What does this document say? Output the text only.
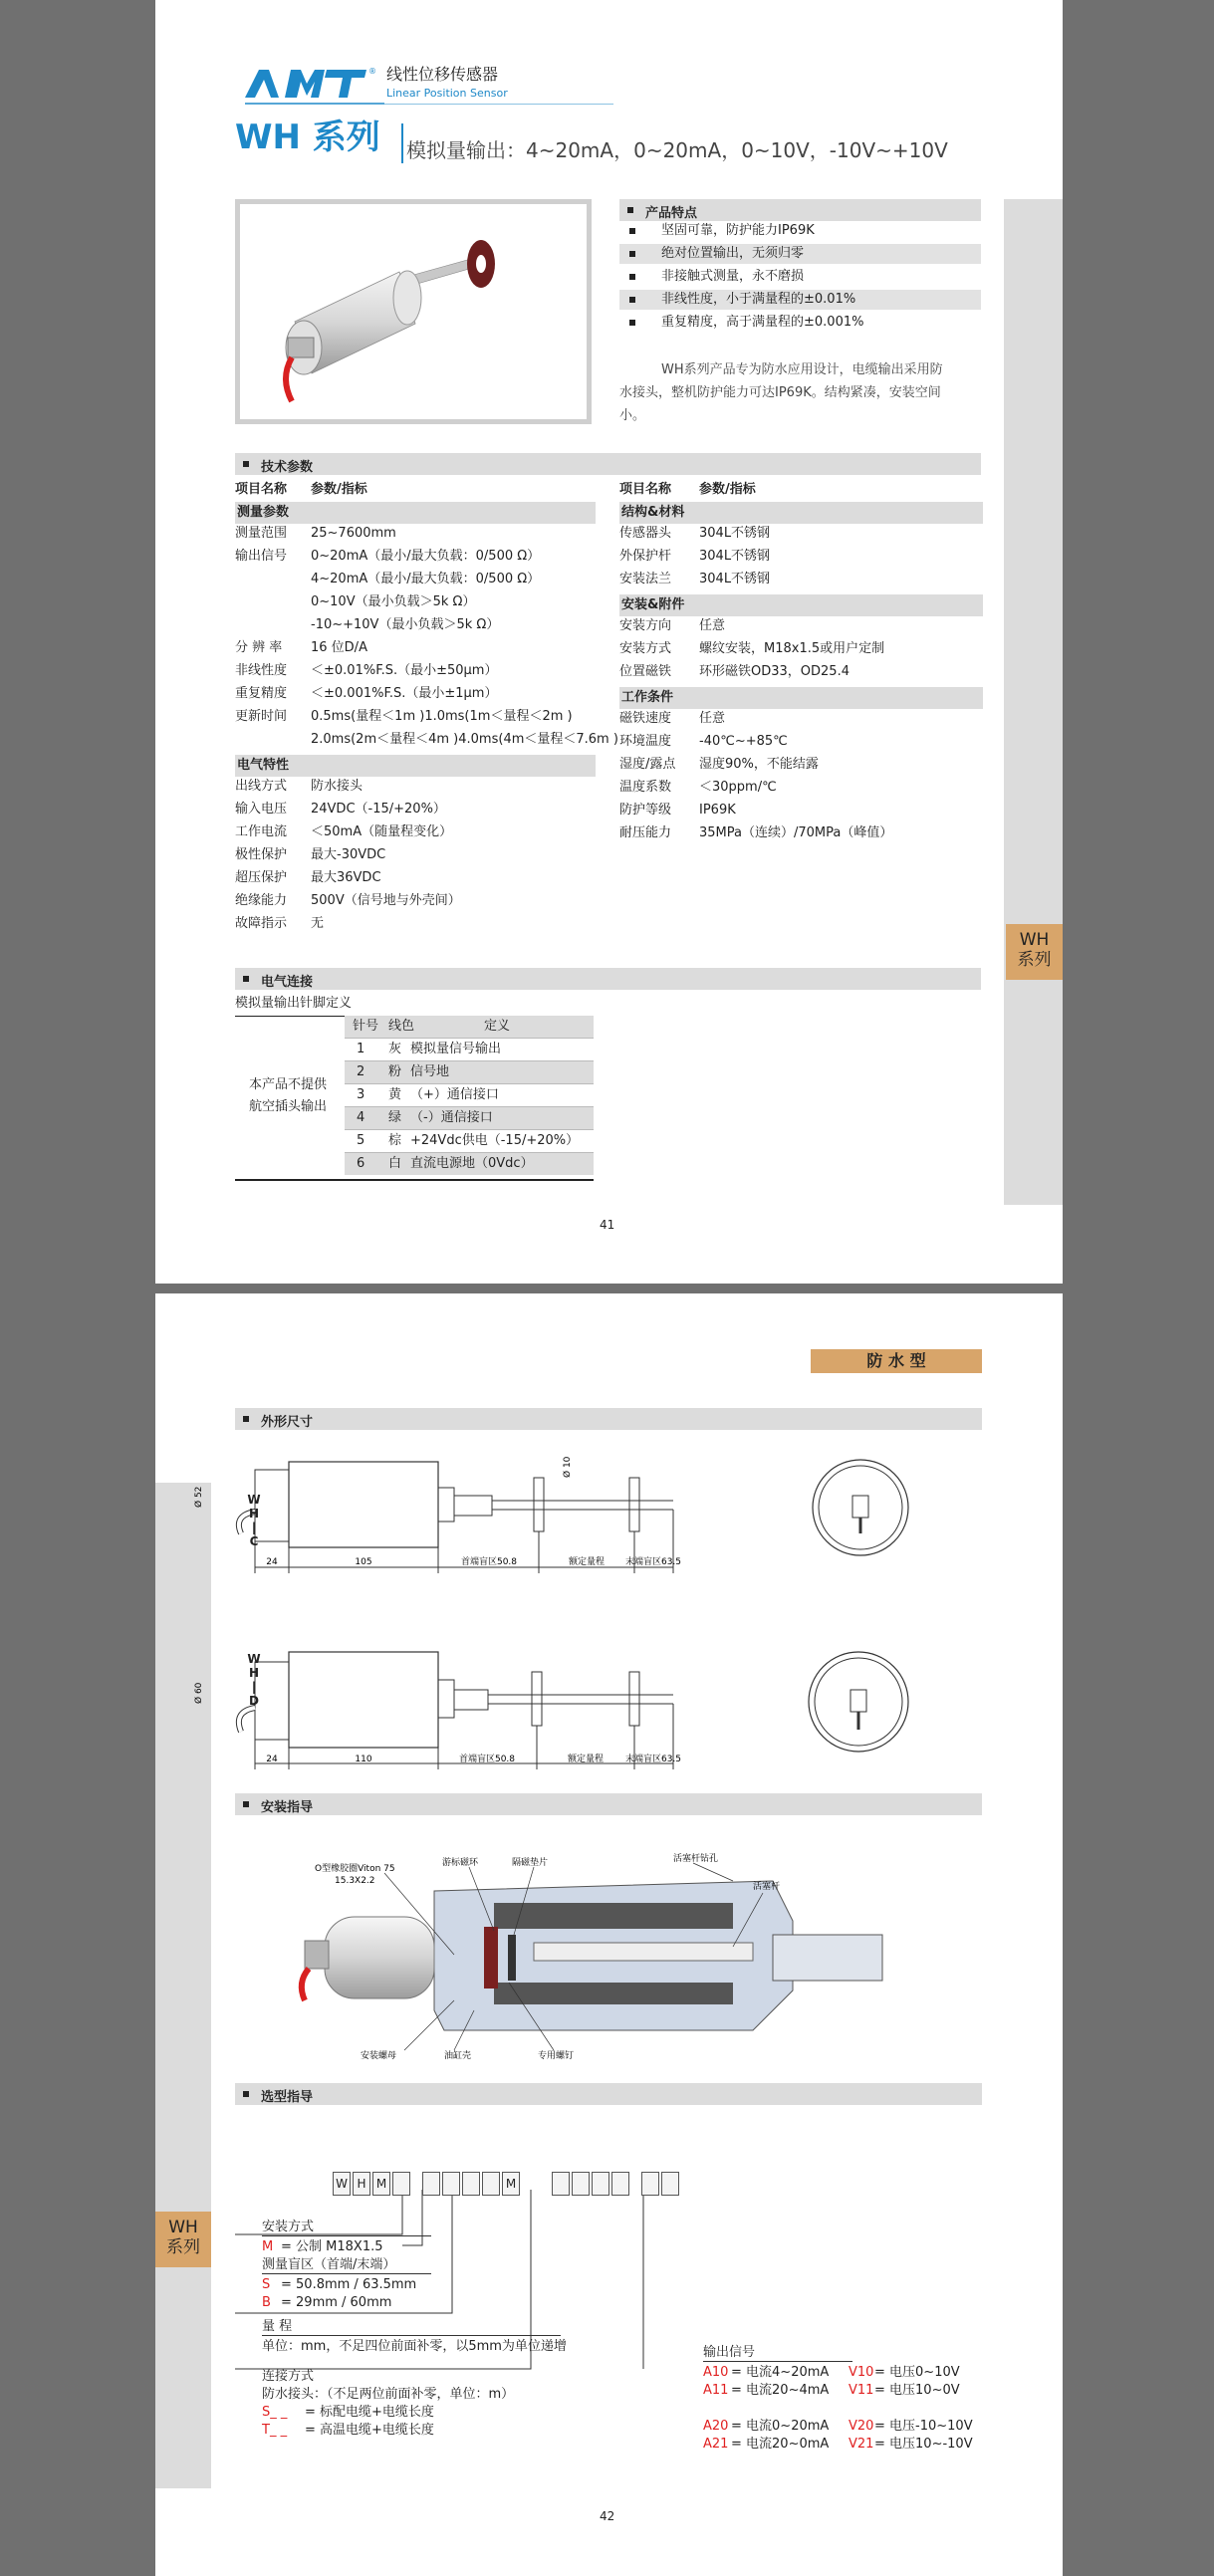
® 线性位移传感器
Linear Position Sensor
WH 系列 模拟量输出：4~20mA，0~20mA，0~10V，-10V~+10V
产品特点
坚固可靠，防护能力IP69K
绝对位置输出，无须归零
非接触式测量，永不磨损
非线性度，小于满量程的±0.01%
重复精度，高于满量程的±0.001%
WH系列产品专为防水应用设计，电缆输出采用防
水接头，整机防护能力可达IP69K。结构紧凑，安装空间
小。
WH
系列
技术参数
项目名称 参数/指标	项目名称 参数/指标
电气连接
模拟量输出针脚定义
本产品不提供
航空插头输出
针号 线色	定义
41
测量参数
测量范围 25~7600mm
输出信号 0~20mA（最小/最大负载：0/500 Ω）
4~20mA（最小/最大负载：0/500 Ω）
0~10V（最小负载＞5k Ω）
-10~+10V（最小负载＞5k Ω）
分 辨 率 16 位D/A
非线性度 ＜±0.01%F.S.（最小±50μm）
重复精度 ＜±0.001%F.S.（最小±1μm）
更新时间 0.5ms(量程＜1m )1.0ms(1m＜量程＜2m )
2.0ms(2m＜量程＜4m )4.0ms(4m＜量程＜7.6m )
电气特性
出线方式 防水接头
输入电压 24VDC（-15/+20%）
工作电流 ＜50mA（随量程变化）
极性保护 最大-30VDC
超压保护 最大36VDC
绝缘能力 500V（信号地与外壳间）
故障指示 无
结构&材料
传感器头 304L不锈钢
外保护杆 304L不锈钢
安装法兰 304L不锈钢
安装&附件
安装方向 任意
安装方式 螺纹安装，M18x1.5或用户定制
位置磁铁 环形磁铁OD33，OD25.4
工作条件
磁铁速度 任意
环境温度 -40℃~+85℃
湿度/露点 湿度90%，不能结露
温度系数 ＜30ppm/℃
防护等级 IP69K
耐压能力 35MPa（连续）/70MPa（峰值）
1 灰 模拟量信号输出
2 粉 信号地
3 黄 （+）通信接口
4 绿 （-）通信接口
5 棕 +24Vdc供电（-15/+20%）
6 白 直流电源地（0Vdc）
防 水 型
WH
系列
外形尺寸
24	105	首端盲区50.8	额定量程 末端盲区63.5
Ø 52
Ø 10
W
H
|
C
24	110	首端盲区50.8	额定量程 末端盲区63.5
Ø 60
W
H
|
D
安装指导
O型橡胶圈Viton 75
15.3X2.2
游标磁环	隔磁垫片	活塞杆钻孔
活塞杆
安装螺母	油缸壳	专用螺钉
选型指导
安装方式
M = 公制 M18X1.5
测量盲区（首端/末端）
S = 50.8mm / 63.5mm
B = 29mm / 60mm
量 程
单位：mm，不足四位前面补零，以5mm为单位递增
连接方式
防水接头：（不足两位前面补零，单位：m）
S_ _ = 标配电缆+电缆长度
T_ _ = 高温电缆+电缆长度
输出信号
42
W H M	M
A10 = 电流4~20mA V10 = 电压0~10V
A11 = 电流20~4mA V11 = 电压10~0V
A20 = 电流0~20mA V20 = 电压-10~10V
A21 = 电流20~0mA V21 = 电压10~-10V
